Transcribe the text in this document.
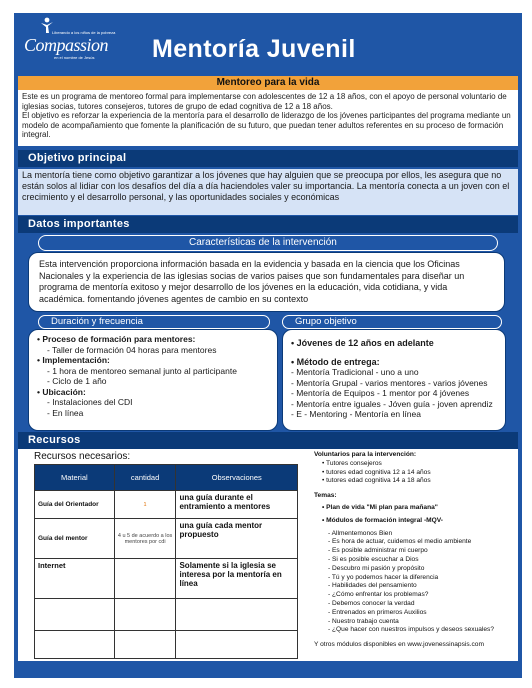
Liberando a los niños de la pobreza
Compassion
en el nombre de Jesús Mentoría Juvenil
Mentoreo para la vida

Este es un programa de mentoreo formal para implementarse con adolescentes de 12 a 18 años, con el apoyo de personal voluntario de iglesias socias, tutores consejeros, tutores de grupo de edad cognitiva de 12 a 18 años.

El objetivo es reforzar la experiencia de la mentoría para el desarrollo de liderazgo de los jóvenes participantes del programa mediante un modelo de acompañamiento que fomente la planificación de su futuro, que puedan tener adultos referentes en su proceso de formación integral.

Objetivo principal
La mentoría tiene como objetivo garantizar a los jóvenes que hay alguien que se preocupa por ellos, les asegura que no están solos al lidiar con los desafíos del día a día haciendoles valer su importancia. La mentoría conecta a un joven con el crecimiento y el desarrollo personal, y las oportunidades sociales y económicas
Datos importantes
Características de la intervención
Esta intervención proporciona información basada en la evidencia y basada en la ciencia que los Oficinas Nacionales y la experiencia de las iglesias socias de varios paises que son fundamentales para diseñar un programa de mentoría exitoso y mejor desarrollo de los jóvenes en la educación, vida cotidiana, y vida académica. fomentando jóvenes agentes de cambio en su contexto
Duración y frecuencia	Grupo objetivo
• Proceso de formación para mentores:
- Taller de formación 04 horas para mentores
• Implementación:
- 1 hora de mentoreo semanal junto al participante
- Ciclo de 1 año
• Ubicación:
- Instalaciones del CDI
- En línea
• Jóvenes de 12 años en adelante
• Método de entrega:
- Mentoría Tradicional - uno a uno
- Mentoría Grupal - varios mentores - varios jóvenes
- Mentoría de Equipos - 1 mentor por 4 jóvenes
- Mentoría entre iguales - Jóven guía - joven aprendiz
- E - Mentoring - Mentoría en línea
Recursos
Recursos necesarios:
Material	cantidad	Observaciones
Guía del Orientador	1	una guía durante el entramiento a mentores
Guía del mentor	4 u 5 de acuerdo a los mentores por cdi	una guía cada mentor propuesto
Internet		Solamente si la iglesia se interesa por la mentoría en línea

Voluntarios para la intervención:
• Tutores consejeros
• tutores edad cognitiva 12 a 14 años
• tutores edad cognitiva 14 a 18 años
Temas:
• Plan de vida "Mi plan para mañana"
• Módulos de formación integral -MQV-
- Allmentemonos Bien
- Es hora de actuar, cuidemos el medio ambiente
- Es posible administrar mi cuerpo
- Si es posible escuchar a Dios
- Descubro mi pasión y propósito
- Tú y yo podemos hacer la diferencia
- Habilidades del pensamiento
- ¿Cómo enfrentar los problemas?
- Debemos conocer la verdad
- Entrenados en primeros Auxilios
- Nuestro trabajo cuenta
- ¿Que hacer con nuestros impulsos y deseos sexuales?
Y otros módulos disponibles en www.jovenessinapsis.com
